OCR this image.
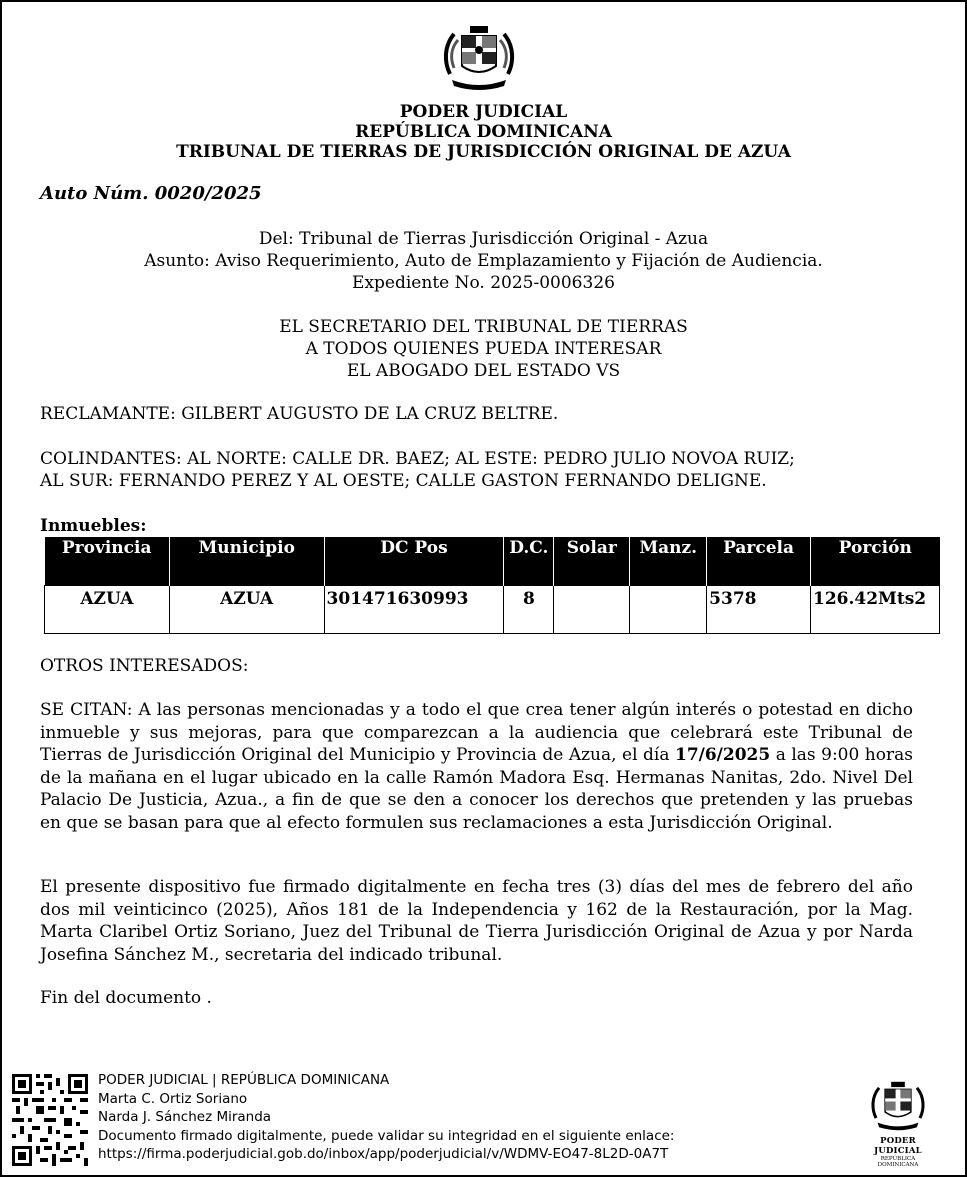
PODER JUDICIAL
REPÚBLICA DOMINICANA
TRIBUNAL DE TIERRAS DE JURISDICCIÓN ORIGINAL DE AZUA
Auto Núm. 0020/2025
Del: Tribunal de Tierras Jurisdicción Original - Azua
Asunto: Aviso Requerimiento, Auto de Emplazamiento y Fijación de Audiencia.
Expediente No. 2025-0006326
EL SECRETARIO DEL TRIBUNAL DE TIERRAS
A TODOS QUIENES PUEDA INTERESAR
EL ABOGADO DEL ESTADO VS
RECLAMANTE: GILBERT AUGUSTO DE LA CRUZ BELTRE.
COLINDANTES: AL NORTE: CALLE DR. BAEZ; AL ESTE: PEDRO JULIO NOVOA RUIZ;
AL SUR: FERNANDO PEREZ Y AL OESTE; CALLE GASTON FERNANDO DELIGNE.
Inmuebles:
Provincia	Municipio	DC Pos	D.C.	Solar	Manz.	Parcela	Porción
AZUA	AZUA	301471630993	8			5378	126.42Mts2
OTROS INTERESADOS:
SE CITAN: A las personas mencionadas y a todo el que crea tener algún interés o potestad en dicho inmueble y sus mejoras, para que comparezcan a la audiencia que celebrará este Tribunal de Tierras de Jurisdicción Original del Municipio y Provincia de Azua, el día 17/6/2025 a las 9:00 horas de la mañana en el lugar ubicado en la calle Ramón Madora Esq. Hermanas Nanitas, 2do. Nivel Del Palacio De Justicia, Azua., a fin de que se den a conocer los derechos que pretenden y las pruebas en que se basan para que al efecto formulen sus reclamaciones a esta Jurisdicción Original.
El presente dispositivo fue firmado digitalmente en fecha tres (3) días del mes de febrero del año dos mil veinticinco (2025), Años 181 de la Independencia y 162 de la Restauración, por la Mag. Marta Claribel Ortiz Soriano, Juez del Tribunal de Tierra Jurisdicción Original de Azua y por Narda Josefina Sánchez M., secretaria del indicado tribunal.
Fin del documento .
PODER JUDICIAL | REPÚBLICA DOMINICANA
Marta C. Ortiz Soriano
Narda J. Sánchez Miranda
Documento firmado digitalmente, puede validar su integridad en el siguiente enlace:
https://firma.poderjudicial.gob.do/inbox/app/poderjudicial/v/WDMV-EO47-8L2D-0A7T
PODER JUDICIAL
REPÚBLICA DOMINICANA
